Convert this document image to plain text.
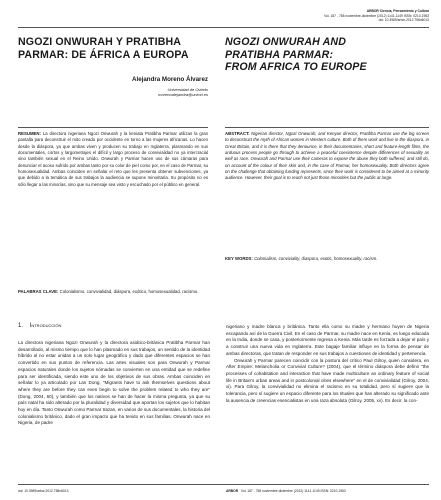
ARBOR Ciencia, Pensamiento y Cultura
Vol. 187 - 758 noviembre-diciembre (2012) 1141-1149 ISSN: 0210-1963
doi: 10.3989/arbor.2012.758n6013
NGOZI ONWURAH Y PRATIBHA
PARMAR: DE ÁFRICA A EUROPA
NGOZI ONWURAH AND
PRATIBHA PARMAR:
FROM AFRICA TO EUROPE
Alejandra Moreno Álvarez
Universidad de Oviedo
morenoalejandra@uniovi.es
RESUMEN: La directora nigeriana Ngozi Onwurah y la keniata Pratibha Parmar utilizan la gran pantalla para deconstruir el mito creado por occidente en torno a las mujeres africanas. Lo hacen desde la diáspora, ya que ambas viven y producen su trabajo en Inglaterra, plasmando en sus documentales, cortos y largometrajes el difícil y largo proceso de convivialidad no ya intercracial sino también sexual en el Reino Unido. Onwurah y Parmar hacen uso de sus cámaras para denunciar el acoso sufrido por ambas tanto por su color de piel como por, en el caso de Parmar, su homosexualidad. Ambas coinciden en señalar el reto que les presenta obtener subvenciones, ya que debido a la temática de sus trabajos la audiencia se supone minoritaria. Su propósito no es sólo llegar a las minorías, sino que su mensaje sea visto y escuchado por el público en general.
PALABRAS CLAVE: Colonialismo, convivialidad, diáspora, exótico, homosexualidad, racismo.
ABSTRACT: Nigerian director, Ngozi Onwurah, and Kenyan director, Pratibha Parmar use the big screen to deconstruct the myth of African women in Western culture. Both of them work and live in the diaspora, in Great Britain, and it is there that they denounce, in their documentaries, short and feature-length films, the arduous process people go through to achieve a peaceful coexistence despite differences of sexuality as well as race. Onwurah and Parmar use their cameras to expose the abuse they both suffered, and still do, on account of the colour of their skin and, in the case of Parmar, her homosexuality. Both directors agree on the challenge that obtaining funding represents, since their work is considered to be aimed at a minority audience. However, their goal is to reach not just those minorities but the public at large.
KEY WORDS: Colonialism, conviviality, diaspora, exotic, homosexuality, racism.
1. Introducción

La directora nigeriana Ngozi Onwurah y la directora asiático-británica Pratibha Parmar han desarrollado, al mismo tiempo que lo han plasmado en sus trabajos, un sentido de la identidad híbrido al no estar unidas a un solo lugar geográfico y dado que diferentes espacios se han convertido en sus puntos de referencia. Las artes visuales son para Onwurah y Parmar espacios naturales donde los sujetos nómadas se convierten en una entidad que se redefine para ser identificada, siendo este uno de los objetivos de sus obras. Ambas coinciden en señalar lo ya articulado por Lan Dong, "Migrants have to ask themselves questions about where they are before they can even begin to solve the problem related to who they are" (Dong, 2004, 60), y también que los nativos se han de hacer la misma pregunta, ya que su país natal ha sido alterado por la pluralidad y diversidad que aportan los sujetos que lo habitan hoy en día. Tanto Onwurah como Parmar trazan, en varios de sus documentales, la historia del colonialismo británico, dado el gran impacto que ha tenido en sus familias. Onwurah nace en Nigeria, de padre

nigeriano y madre blanca y británica. Tanto ella como su madre y hermano huyen de Nigeria escapando así de la Guerra Civil. En el caso de Parmar, su madre nace en Kenia, es luego educada en la India, donde se casa, y posteriormente regresa a Kenia. Más tarde es forzada a dejar el país y a construir una nueva vida en Inglaterra. Este bagaje familiar influye en la forma de pensar de ambas directoras, que tratan de responder en sus trabajos a cuestiones de identidad y pertenencia.

Onwurah y Parmar parecen coincidir con la postura del crítico Paul Gilroy, quien considera, en After Empire: Melancholia or Convivial Culture? (2004), que el término diáspora debe definir "the processes of cohabitation and interaction that have made multiculture an ordinary feature of social life in Britain's urban areas and in postcolonial cities elsewhere" en el de convivialidad (Gilroy, 2004, xi). Para Gilroy, la convivialidad no elimina el racismo en su totalidad, pero sí sugiere que la tolerancia, pero sí sugiere un espacio diferente para los rituales que han alterado su significado ante la ausencia de creencias esencialistas en una raza absoluta (Gilroy, 2005, xv). Es decir, la con-

doi: 10.3989/arbor.2012.758n6013	ARBOR Vol. 187 - 758 noviembre-diciembre (2012) 1141-1149 ISSN: 0210-1963
